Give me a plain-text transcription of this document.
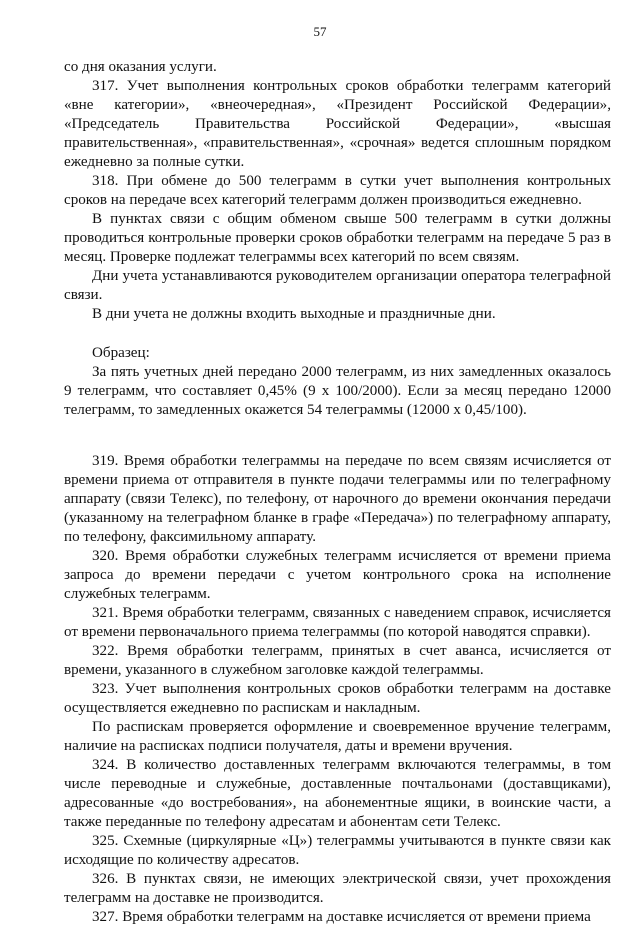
57

со дня оказания услуги.

317. Учет выполнения контрольных сроков обработки телеграмм категорий «вне категории», «внеочередная», «Президент Российской Федерации», «Председатель Правительства Российской Федерации», «высшая правительственная», «правительственная», «срочная» ведется сплошным порядком ежедневно за полные сутки.

318. При обмене до 500 телеграмм в сутки учет выполнения контрольных сроков на передаче всех категорий телеграмм должен производиться ежедневно.

В пунктах связи с общим обменом свыше 500 телеграмм в сутки должны проводиться контрольные проверки сроков обработки телеграмм на передаче 5 раз в месяц. Проверке подлежат телеграммы всех категорий по всем связям.

Дни учета устанавливаются руководителем организации оператора телеграфной связи.

В дни учета не должны входить выходные и праздничные дни.

Образец:

За пять учетных дней передано 2000 телеграмм, из них замедленных оказалось 9 телеграмм, что составляет 0,45% (9 х 100/2000). Если за месяц передано 12000 телеграмм, то замедленных окажется 54 телеграммы (12000 х 0,45/100).

319. Время обработки телеграммы на передаче по всем связям исчисляется от времени приема от отправителя в пункте подачи телеграммы или по телеграфному аппарату (связи Телекс), по телефону, от нарочного до времени окончания передачи (указанному на телеграфном бланке в графе «Передача») по телеграфному аппарату, по телефону, факсимильному аппарату.

320. Время обработки служебных телеграмм исчисляется от времени приема запроса до времени передачи с учетом контрольного срока на исполнение служебных телеграмм.

321. Время обработки телеграмм, связанных с наведением справок, исчисляется от времени первоначального приема телеграммы (по которой наводятся справки).

322. Время обработки телеграмм, принятых в счет аванса, исчисляется от времени, указанного в служебном заголовке каждой телеграммы.

323. Учет выполнения контрольных сроков обработки телеграмм на доставке осуществляется ежедневно по распискам и накладным.

По распискам проверяется оформление и своевременное вручение телеграмм, наличие на расписках подписи получателя, даты и времени вручения.

324. В количество доставленных телеграмм включаются телеграммы, в том числе переводные и служебные, доставленные почтальонами (доставщиками), адресованные «до востребования», на абонементные ящики, в воинские части, а также переданные по телефону адресатам и абонентам сети Телекс.

325. Схемные (циркулярные «Ц») телеграммы учитываются в пункте связи как исходящие по количеству адресатов.

326. В пунктах связи, не имеющих электрической связи, учет прохождения телеграмм на доставке не производится.

327. Время обработки телеграмм на доставке исчисляется от времени приема
